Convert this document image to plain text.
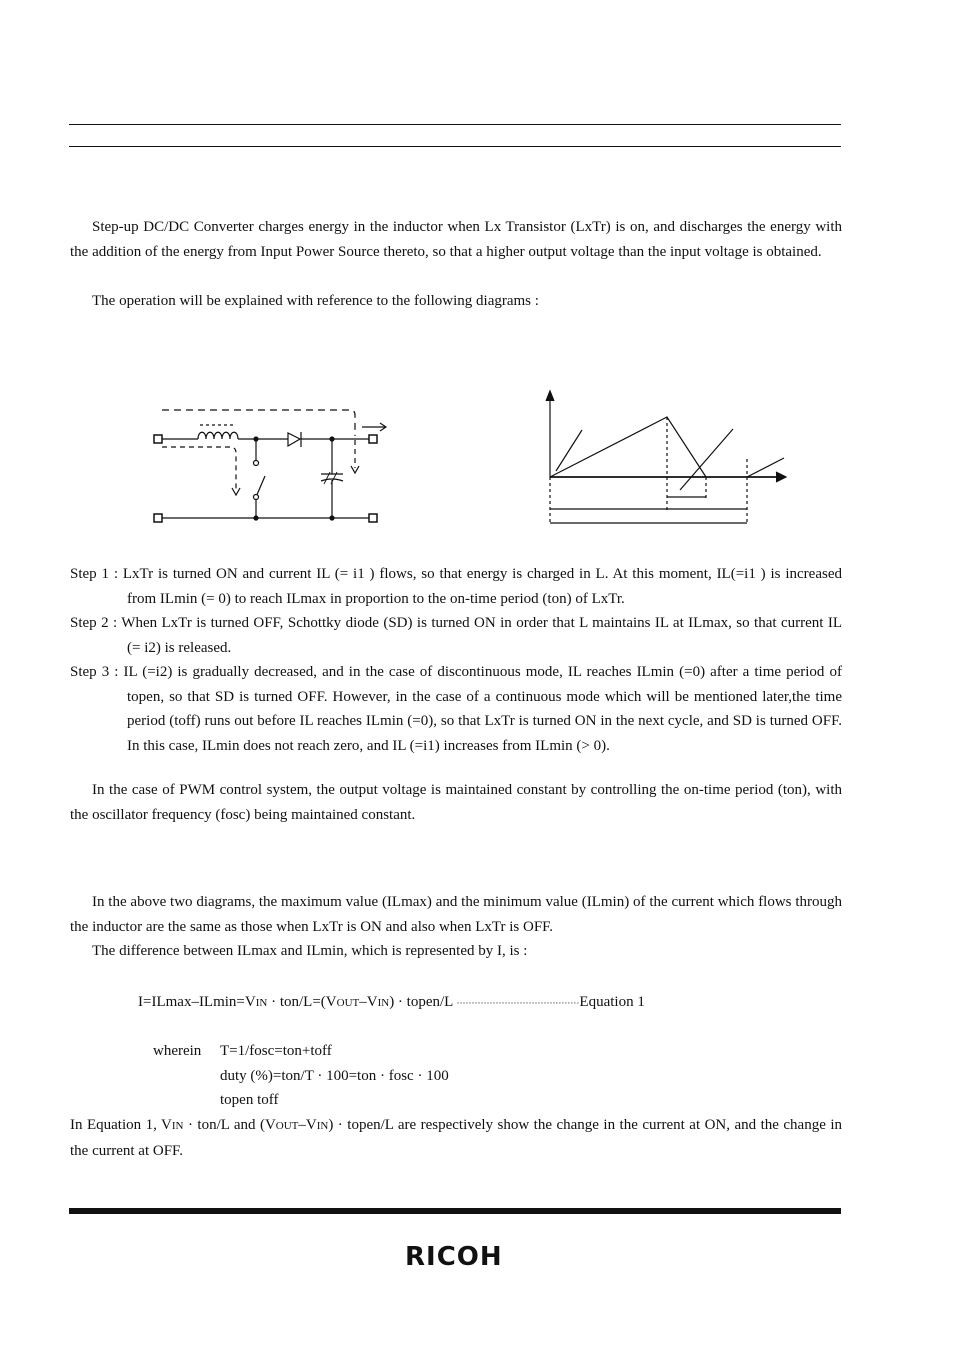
Step-up DC/DC Converter charges energy in the inductor when Lx Transistor (LxTr) is on, and discharges the energy with the addition of the energy from Input Power Source thereto, so that a higher output voltage than the input voltage is obtained.

The operation will be explained with reference to the following diagrams :

Step 1 : LxTr is turned ON and current IL (= i1 ) flows, so that energy is charged in L. At this moment, IL(=i1 ) is increased from ILmin (= 0) to reach ILmax in proportion to the on-time period (ton) of LxTr.

Step 2 : When LxTr is turned OFF, Schottky diode (SD) is turned ON in order that L maintains IL at ILmax, so that current IL (= i2) is released.

Step 3 : IL (=i2) is gradually decreased, and in the case of discontinuous mode, IL reaches ILmin (=0) after a time period of topen, so that SD is turned OFF. However, in the case of a continuous mode which will be mentioned later,the time period (toff) runs out before IL reaches ILmin (=0), so that LxTr is turned ON in the next cycle, and SD is turned OFF. In this case, ILmin does not reach zero, and IL (=i1) increases from ILmin (> 0).

In the case of PWM control system, the output voltage is maintained constant by controlling the on-time period (ton), with the oscillator frequency (fosc) being maintained constant.

In the above two diagrams, the maximum value (ILmax) and the minimum value (ILmin) of the current which flows through the inductor are the same as those when LxTr is ON and also when LxTr is OFF.

The difference between ILmax and ILmin, which is represented by I, is :

I=ILmax–ILmin=VIN · ton/L=(VOUT–VIN) · topen/L ·········································Equation 1
wherein T=1/fosc=ton+toff
duty (%)=ton/T · 100=ton · fosc · 100
topen toff

In Equation 1, VIN · ton/L and (VOUT–VIN) · topen/L are respectively show the change in the current at ON, and the change in the current at OFF.

RICOH
